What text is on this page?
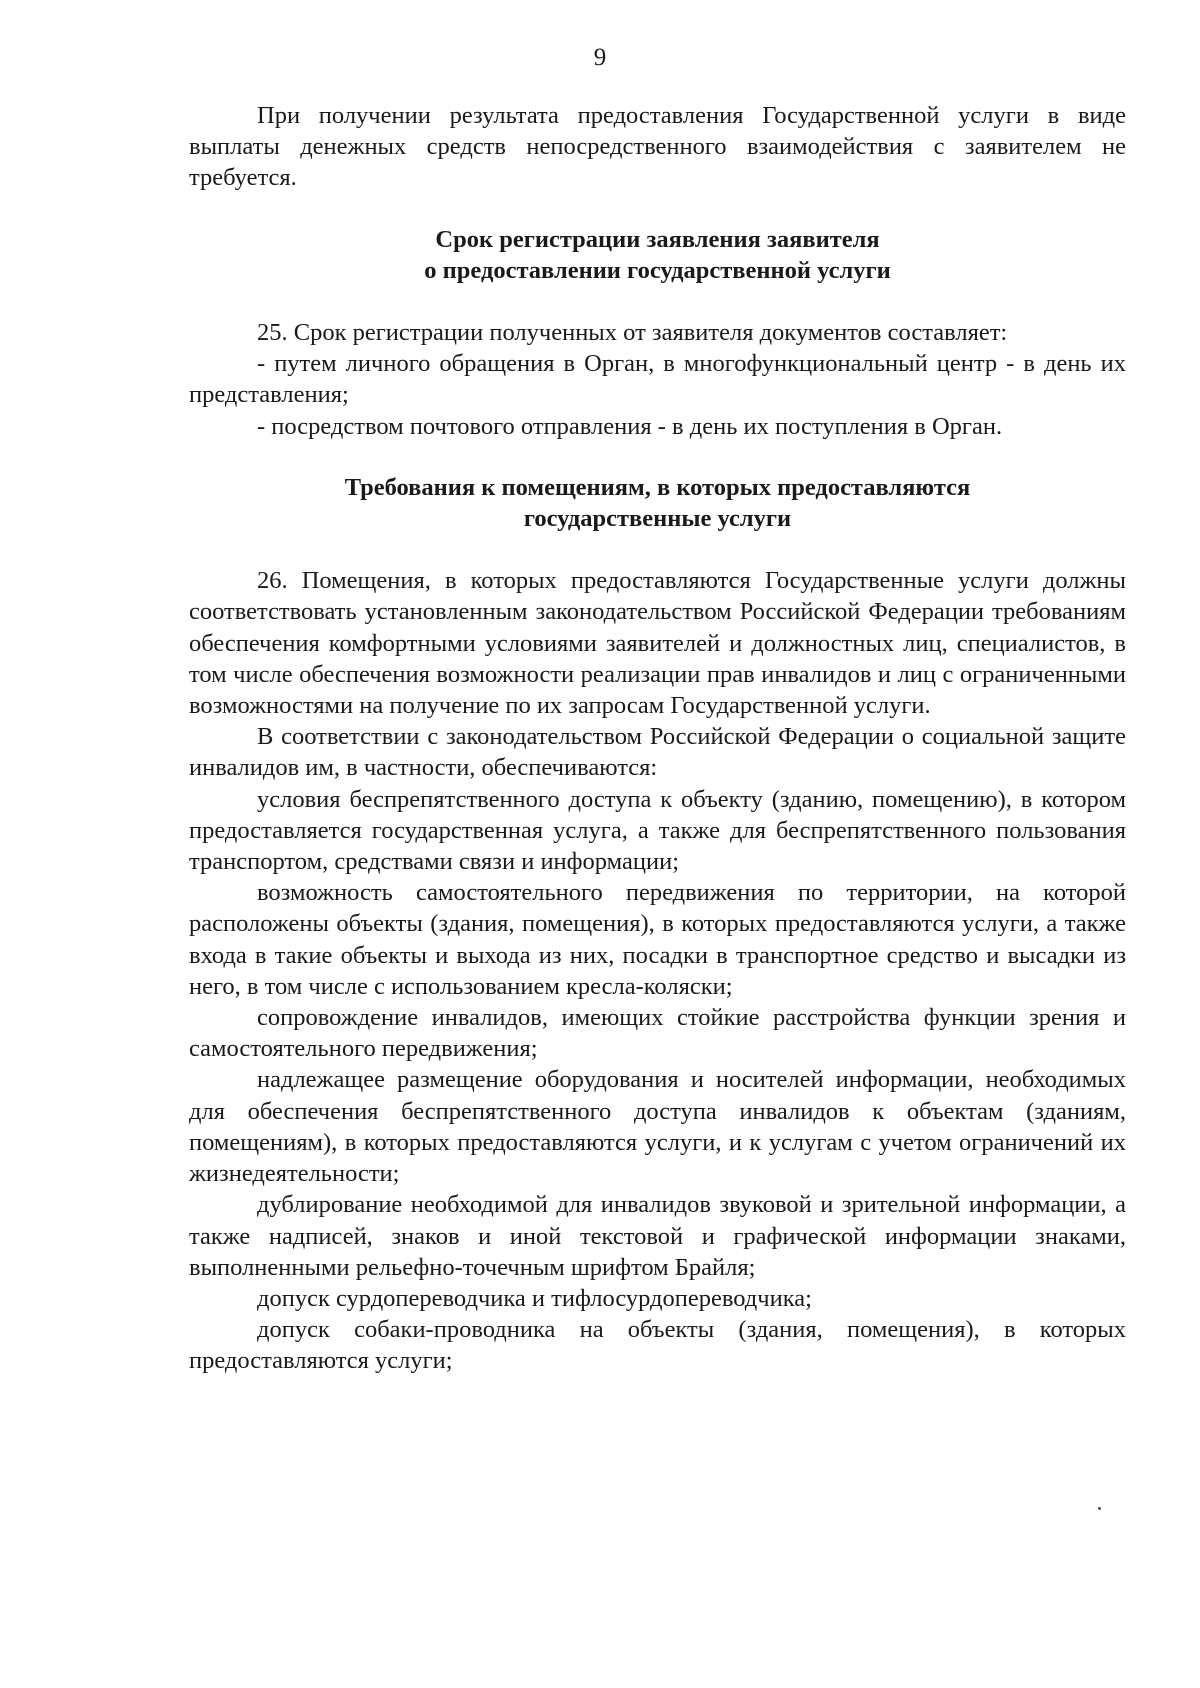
9

При получении результата предоставления Государственной услуги в виде выплаты денежных средств непосредственного взаимодействия с заявителем не требуется.

Срок регистрации заявления заявителя
о предоставлении государственной услуги

25. Срок регистрации полученных от заявителя документов составляет:

- путем личного обращения в Орган, в многофункциональный центр - в день их представления;

- посредством почтового отправления - в день их поступления в Орган.

Требования к помещениям, в которых предоставляются
государственные услуги

26. Помещения, в которых предоставляются Государственные услуги должны соответствовать установленным законодательством Российской Федерации требованиям обеспечения комфортными условиями заявителей и должностных лиц, специалистов, в том числе обеспечения возможности реализации прав инвалидов и лиц с ограниченными возможностями на получение по их запросам Государственной услуги.

В соответствии с законодательством Российской Федерации о социальной защите инвалидов им, в частности, обеспечиваются:

условия беспрепятственного доступа к объекту (зданию, помещению), в котором предоставляется государственная услуга, а также для беспрепятственного пользования транспортом, средствами связи и информации;

возможность самостоятельного передвижения по территории, на которой расположены объекты (здания, помещения), в которых предоставляются услуги, а также входа в такие объекты и выхода из них, посадки в транспортное средство и высадки из него, в том числе с использованием кресла-коляски;

сопровождение инвалидов, имеющих стойкие расстройства функции зрения и самостоятельного передвижения;

надлежащее размещение оборудования и носителей информации, необходимых для обеспечения беспрепятственного доступа инвалидов к объектам (зданиям, помещениям), в которых предоставляются услуги, и к услугам с учетом ограничений их жизнедеятельности;

дублирование необходимой для инвалидов звуковой и зрительной информации, а также надписей, знаков и иной текстовой и графической информации знаками, выполненными рельефно-точечным шрифтом Брайля;

допуск сурдопереводчика и тифлосурдопереводчика;

допуск собаки-проводника на объекты (здания, помещения), в которых предоставляются услуги;
